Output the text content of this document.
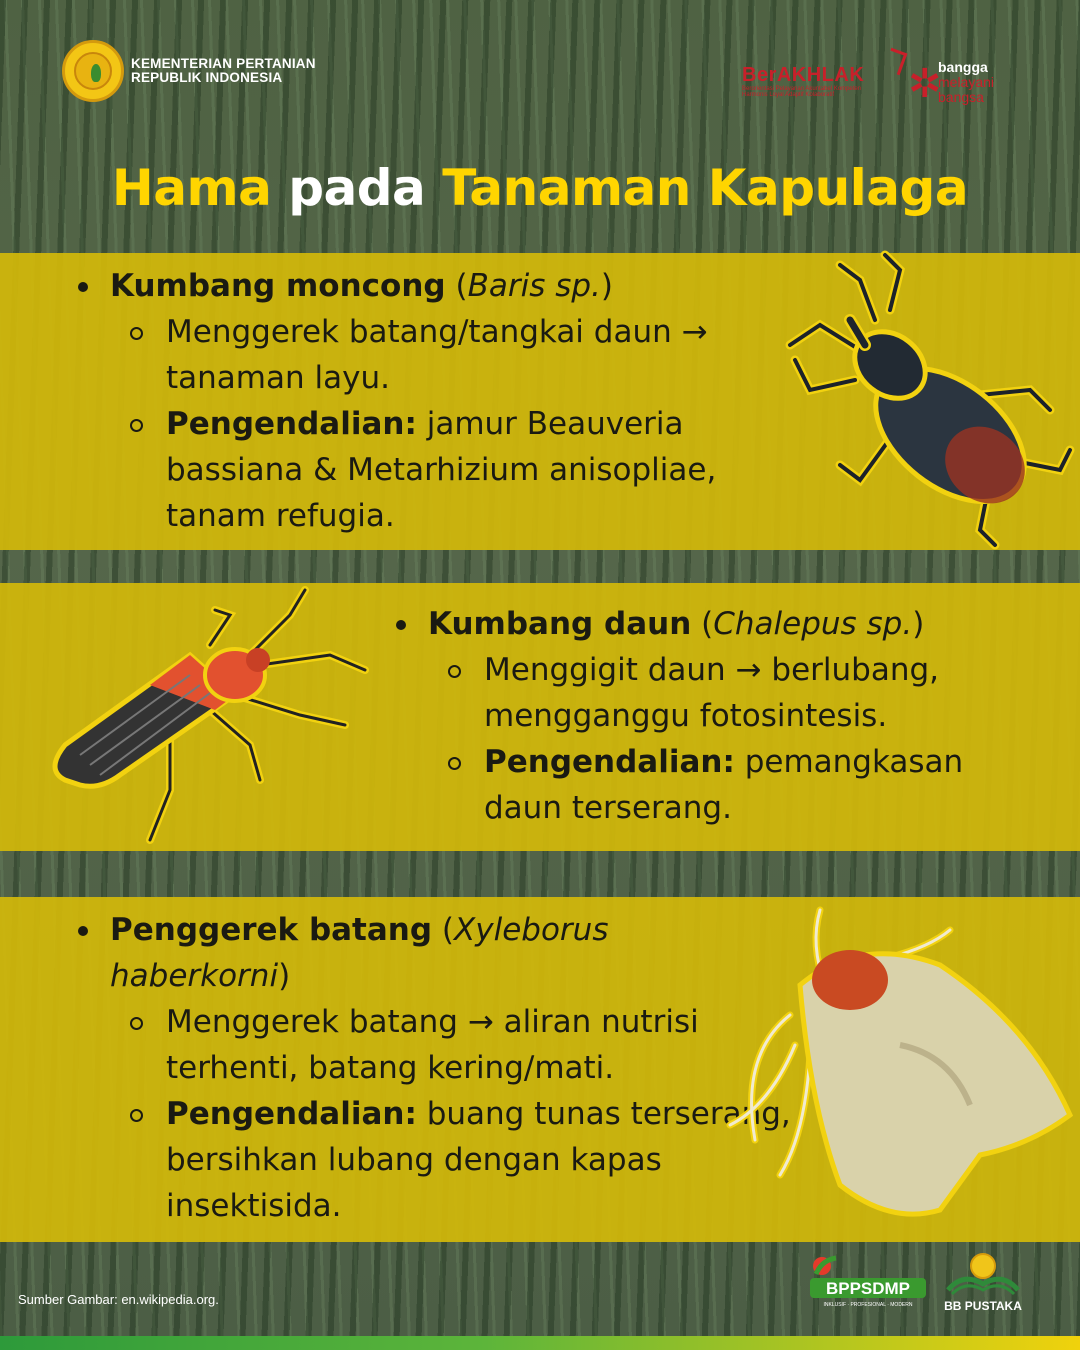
KEMENTERIAN PERTANIAN
REPUBLIK INDONESIA	BerAKHLAK
Berorientasi Pelayanan Akuntabel Kompeten
Harmonis Loyal Adaptif Kolaboratif	✲
bangga
melayani
bangsa
Hama pada Tanaman Kapulaga
Kumbang moncong (Baris sp.)
Menggerek batang/tangkai daun → tanaman layu.
Pengendalian: jamur Beauveria bassiana & Metarhizium anisopliae, tanam refugia.
Kumbang daun (Chalepus sp.)
Menggigit daun → berlubang, mengganggu fotosintesis.
Pengendalian: pemangkasan daun terserang.
Penggerek batang (Xyleborus haberkorni)
Menggerek batang → aliran nutrisi terhenti, batang kering/mati.
Pengendalian: buang tunas terserang, bersihkan lubang dengan kapas insektisida.
Sumber Gambar: en.wikipedia.org.
BPPSDMP
INKLUSIF · PROFESIONAL · MODERN	BB PUSTAKA
